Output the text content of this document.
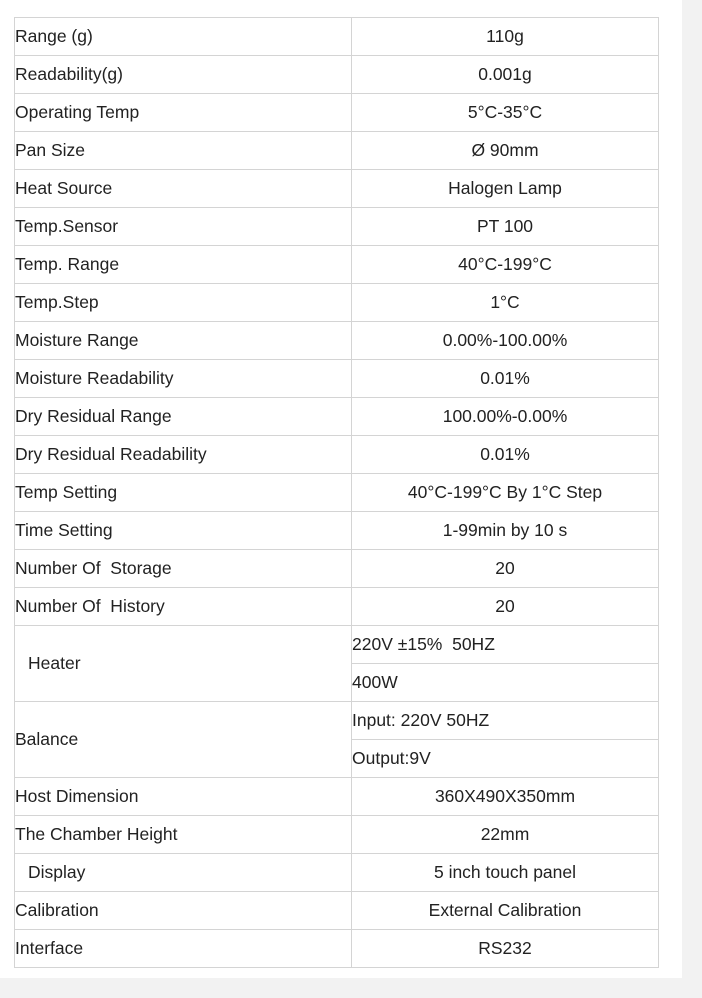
Range (g)	110g
Readability(g)	0.001g
Operating Temp	5°C-35°C
Pan Size	Ø 90mm
Heat Source	Halogen Lamp
Temp.Sensor	PT 100
Temp. Range	40°C-199°C
Temp.Step	1°C
Moisture Range	0.00%-100.00%
Moisture Readability	0.01%
Dry Residual Range	100.00%-0.00%
Dry Residual Readability	0.01%
Temp Setting	40°C-199°C By 1°C Step
Time Setting	1-99min by 10 s
Number Of  Storage	20
Number Of  History	20
Heater	220V ±15%  50HZ
	400W
Balance	Input: 220V 50HZ
	Output:9V
Host Dimension	360X490X350mm
The Chamber Height	22mm
Display	5 inch touch panel
Calibration	External Calibration
Interface	RS232
